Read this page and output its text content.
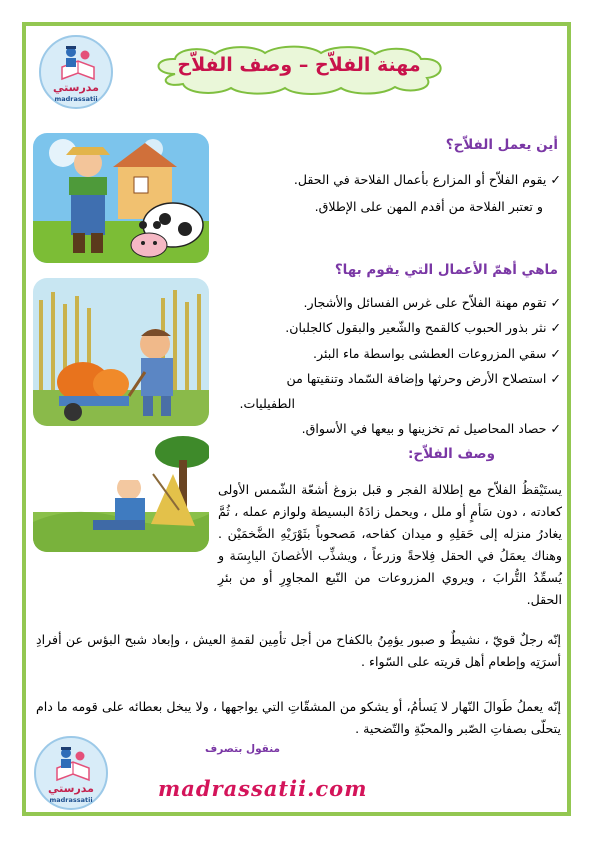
مدرستي
madrassatii
مهنة الفلاّح – وصف الفلاّح
أين يعمل الفلاّح؟
✓ يقوم الفلاّح أو المزارع بأعمال الفلاحة في الحقل.
و تعتبر الفلاحة من أقدم المهن على الإطلاق.
ماهي أهمّ الأعمال التي يقوم بها؟
✓ تقوم مهنة الفلاّح على غرس الفسائل والأشجار.
✓ نثر بذور الحبوب كالقمح والشّعير والبقول كالجلبان.
✓ سقي المزروعات العطشى بواسطة ماء البئر.
✓ استصلاح الأرض وحرثها وإضافة السّماد وتنقيتها من
الطفيليات.
✓ حصاد المحاصيل ثم تخزينها و بيعها في الأسواق.
وصف الفلاّح:

يستَيْقظُ الفلاّح مع إطلالة الفجر و قبل بزوغ أشعّة الشّمس الأولى كعادته ، دون سَأمٍ أو ملل ، ويحمل زادَهُ البسيطة ولوازم عمله ، ثُمَّ يغادرُ منزله إلى حَقلِهِ و ميدان كفاحه، مَصحوباً بثَوْرَيْهِ الضَّخمَيْن . وهناك يعمَلُ في الحقل فِلاحةً وزرعاً ، ويشذِّب الأغصانَ اليابِسَة و يُسمِّدُ التُّرابَ ، ويروي المزروعات من النّبع المجاوِرِ أو من بئرِ الحقل.

إنّه رجلٌ قويّ ، نشيطٌ و صبور يؤمِنُ بالكفاح من أجل تأمِين لقمةِ العيش ، وإبعاد شبح البؤس عن أفرادِ أسرَتِه وإطعام أهل قريته على السّواء .

إنّه يعملُ طَوالَ النّهار لا يَسأمُ، أو يشكو من المشقّاتِ التي يواجهها ، ولا يبخل بعطائه على قومه ما دام يتحلّى بصفاتِ الصّبر والمحبّةِ والتّضحية .

منقول بتصرف
مدرستي
madrassatii	madrassatii.com
